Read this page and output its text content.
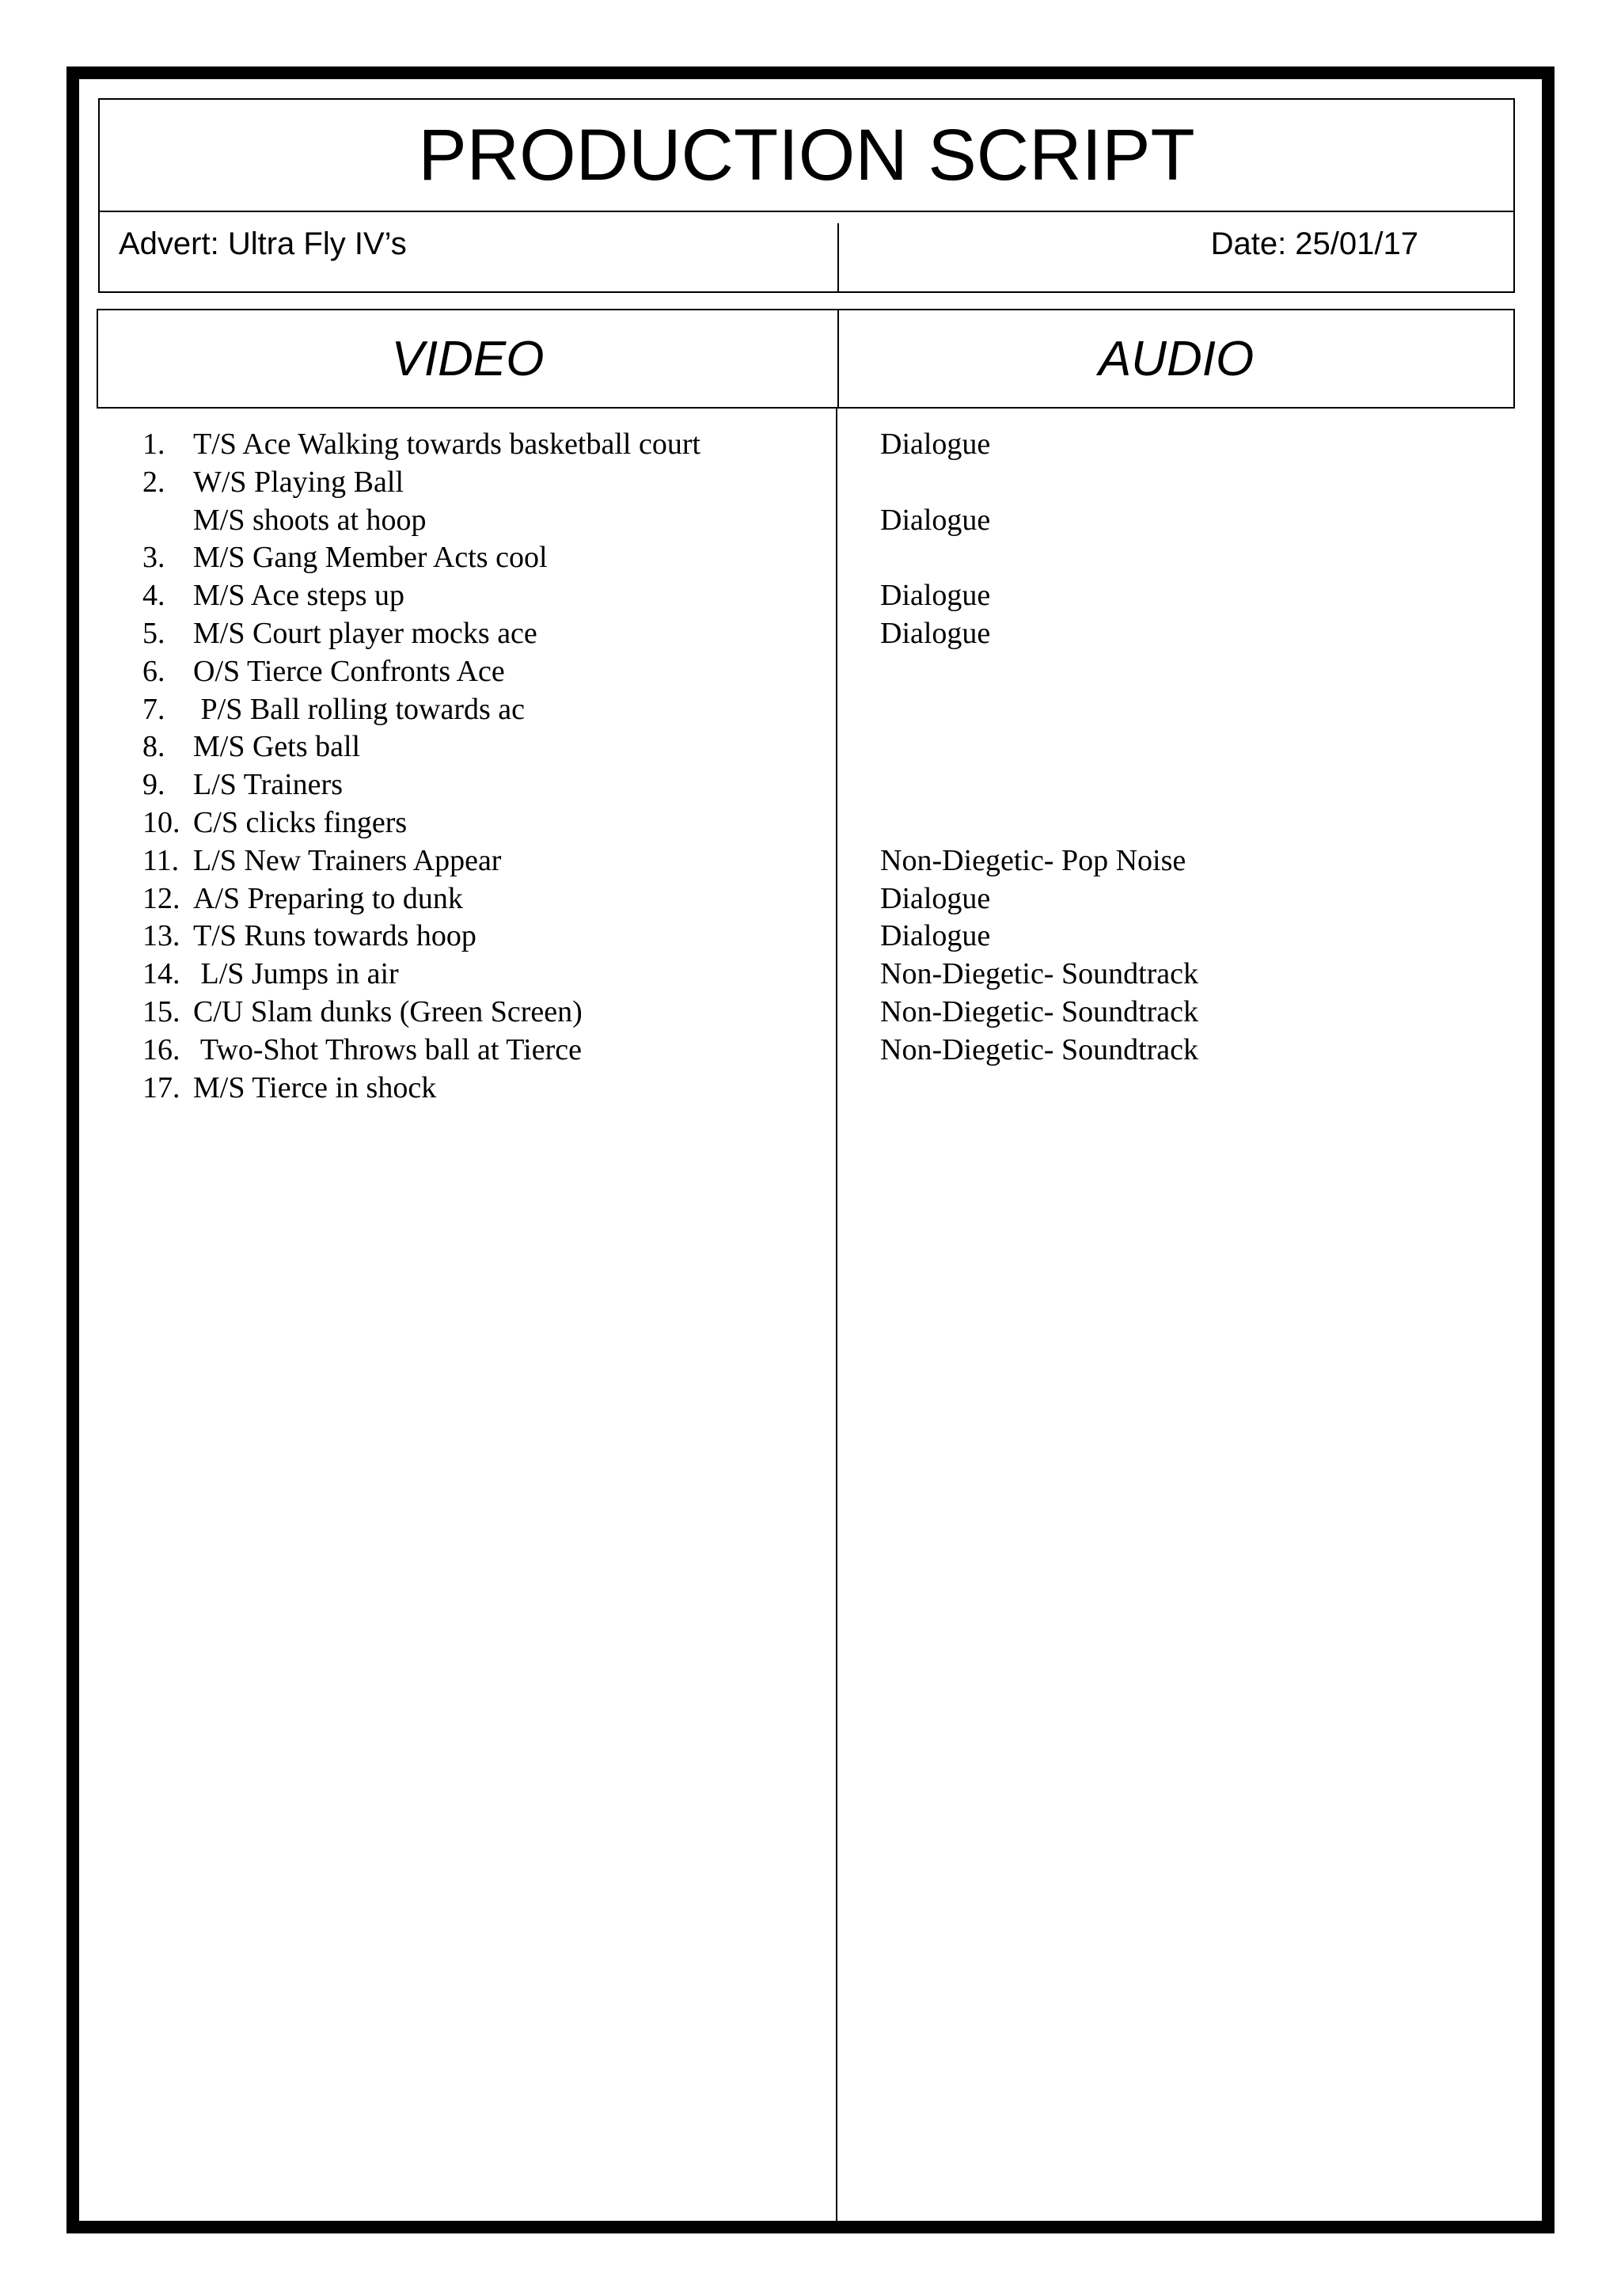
PRODUCTION SCRIPT
Advert: Ultra Fly IV’s	Date: 25/01/17
VIDEO	AUDIO
1. T/S Ace Walking towards basketball court
2. W/S Playing Ball
M/S shoots at hoop
3. M/S Gang Member Acts cool
4. M/S Ace steps up
5. M/S Court player mocks ace
6. O/S Tierce Confronts Ace
7. P/S Ball rolling towards ac
8. M/S Gets ball
9. L/S Trainers
10. C/S clicks fingers
11. L/S New Trainers Appear
12. A/S Preparing to dunk
13. T/S Runs towards hoop
14. L/S Jumps in air
15. C/U Slam dunks (Green Screen)
16. Two-Shot Throws ball at Tierce
17. M/S Tierce in shock
Dialogue
Dialogue
Dialogue
Dialogue
Non-Diegetic- Pop Noise
Dialogue
Dialogue
Non-Diegetic- Soundtrack
Non-Diegetic- Soundtrack
Non-Diegetic- Soundtrack
